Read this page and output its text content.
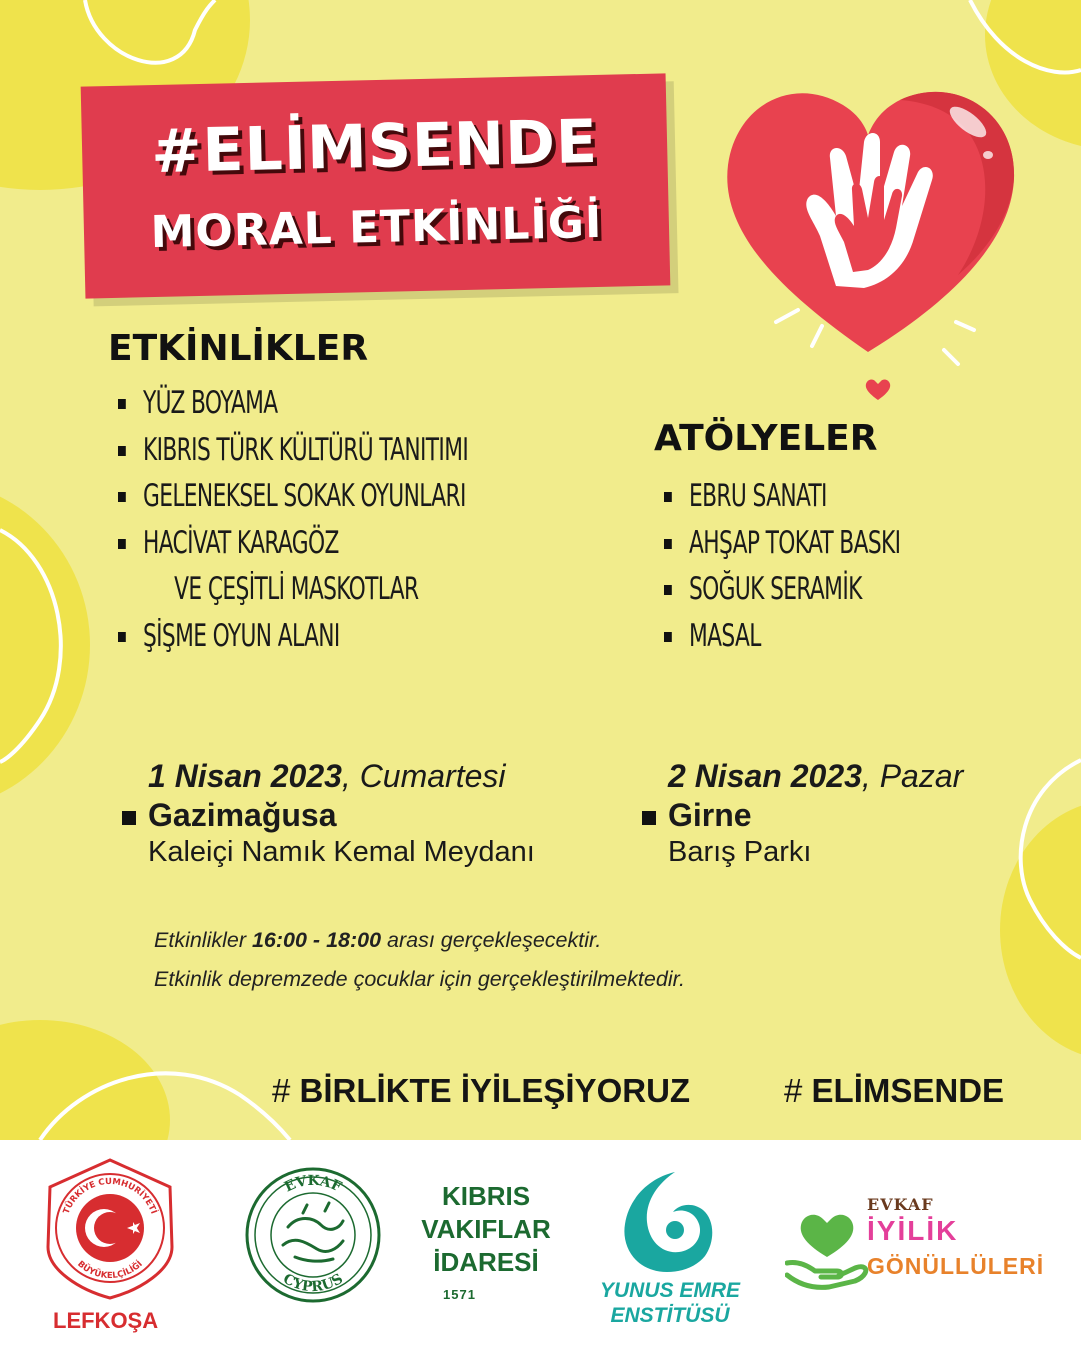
#ELİMSENDE
MORAL ETKİNLİĞİ
ETKİNLİKLER
YÜZ BOYAMA
KIBRIS TÜRK KÜLTÜRÜ TANITIMI
GELENEKSEL SOKAK OYUNLARI
HACİVAT KARAGÖZ
VE ÇEŞİTLİ MASKOTLAR
ŞİŞME OYUN ALANI
ATÖLYELER
EBRU SANATI
AHŞAP TOKAT BASKI
SOĞUK SERAMİK
MASAL
1 Nisan 2023, Cumartesi
Gazimağusa
Kaleiçi Namık Kemal Meydanı
2 Nisan 2023, Pazar
Girne
Barış Parkı
Etkinlikler 16:00 - 18:00 arası gerçekleşecektir.
Etkinlik depremzede çocuklar için gerçekleştirilmektedir.
# BİRLİKTE İYİLEŞİYORUZ	# ELİMSENDE
TÜRKİYE CUMHURİYETİ
BÜYÜKELÇİLİĞİ
LEFKOŞA
EVKAF
CYPRUS
KIBRIS
VAKIFLAR
İDARESİ
1571	YUNUS EMRE
ENSTİTÜSÜ
EVKAF
İYİLİK
GÖNÜLLÜLERİ
